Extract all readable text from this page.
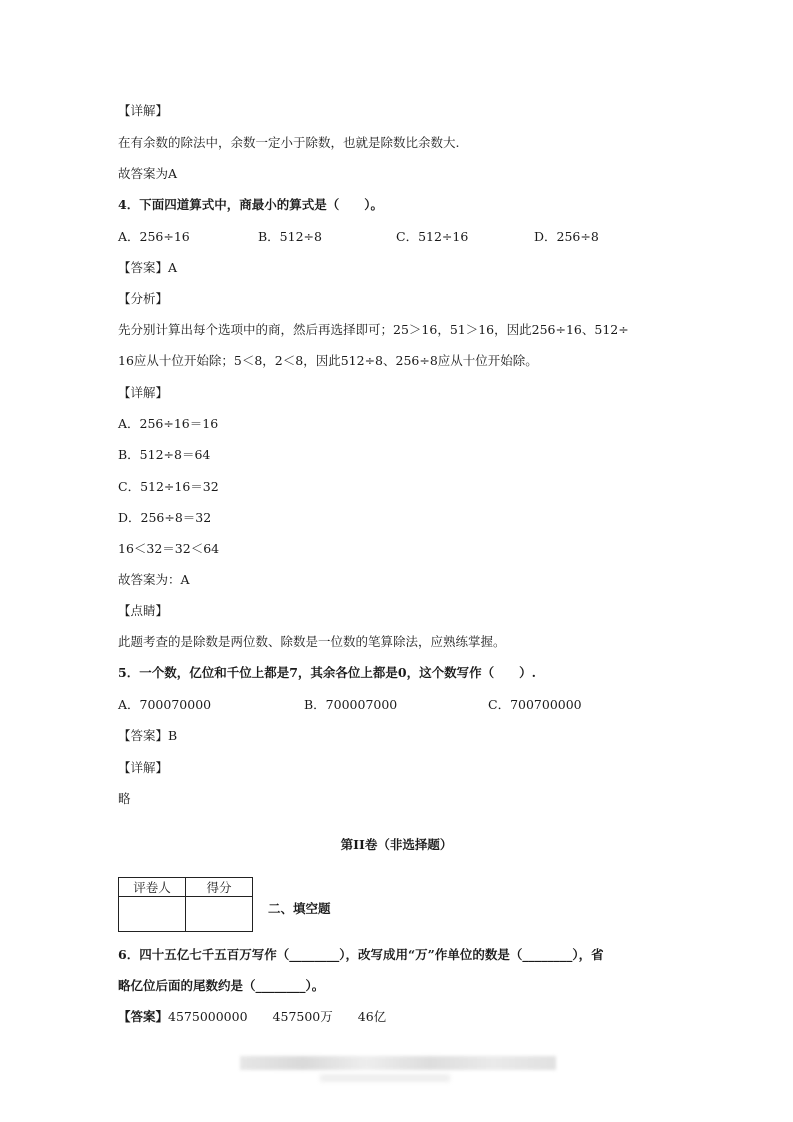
【详解】
在有余数的除法中，余数一定小于除数，也就是除数比余数大.
故答案为A
4．下面四道算式中，商最小的算式是（　　）。
A．256÷16	B．512÷8	C．512÷16	D．256÷8
【答案】A
【分析】
先分别计算出每个选项中的商，然后再选择即可；25＞16，51＞16，因此256÷16、512÷
16应从十位开始除；5＜8，2＜8，因此512÷8、256÷8应从十位开始除。
【详解】
A．256÷16＝16
B．512÷8＝64
C．512÷16＝32
D．256÷8＝32
16＜32＝32＜64
故答案为：A
【点睛】
此题考查的是除数是两位数、除数是一位数的笔算除法，应熟练掌握。
5．一个数，亿位和千位上都是7，其余各位上都是0，这个数写作（　　）.
A．700070000	B．700007000	C．700700000
【答案】B
【详解】
略
第II卷（非选择题）
评卷人	得分

二、填空题
6．四十五亿七千五百万写作（________），改写成用“万”作单位的数是（________），省
略亿位后面的尾数约是（________）。
【答案】4575000000　　457500万　　46亿
